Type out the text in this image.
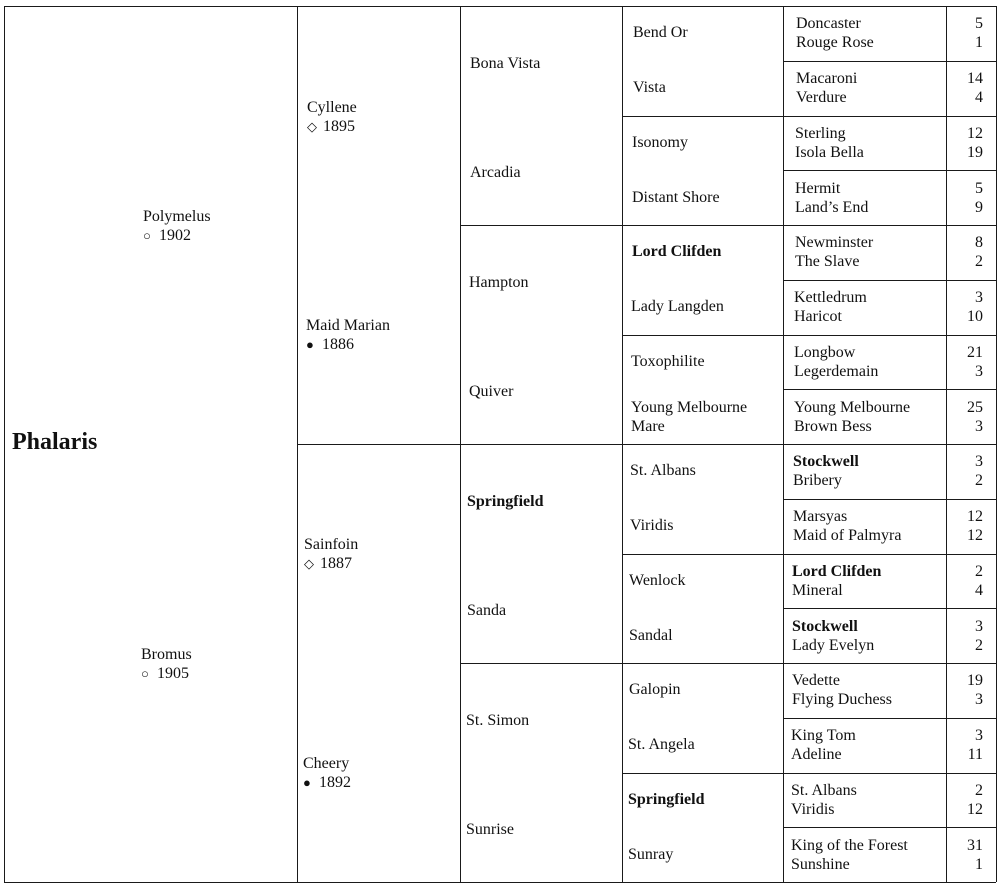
Phalaris
Polymelus
○ 1902
Bromus
○ 1905
Cyllene
◇ 1895
Maid Marian
● 1886
Sainfoin
◇ 1887
Cheery
● 1892
Bona Vista
Arcadia
Hampton
Quiver
Springfield
Sanda
St. Simon
Sunrise
Bend Or
Vista
Isonomy
Distant Shore
Lord Clifden
Lady Langden
Toxophilite
Young Melbourne
Mare
St. Albans
Viridis
Wenlock
Sandal
Galopin
St. Angela
Springfield
Sunray
Doncaster
Rouge Rose
5
1
Macaroni
Verdure
14
4
Sterling
Isola Bella
12
19
Hermit
Land’s End
5
9
Newminster
The Slave
8
2
Kettledrum
Haricot
3
10
Longbow
Legerdemain
21
3
Young Melbourne
Brown Bess
25
3
Stockwell
Bribery
3
2
Marsyas
Maid of Palmyra
12
12
Lord Clifden
Mineral
2
4
Stockwell
Lady Evelyn
3
2
Vedette
Flying Duchess
19
3
King Tom
Adeline
3
11
St. Albans
Viridis
2
12
King of the Forest
Sunshine
31
1
